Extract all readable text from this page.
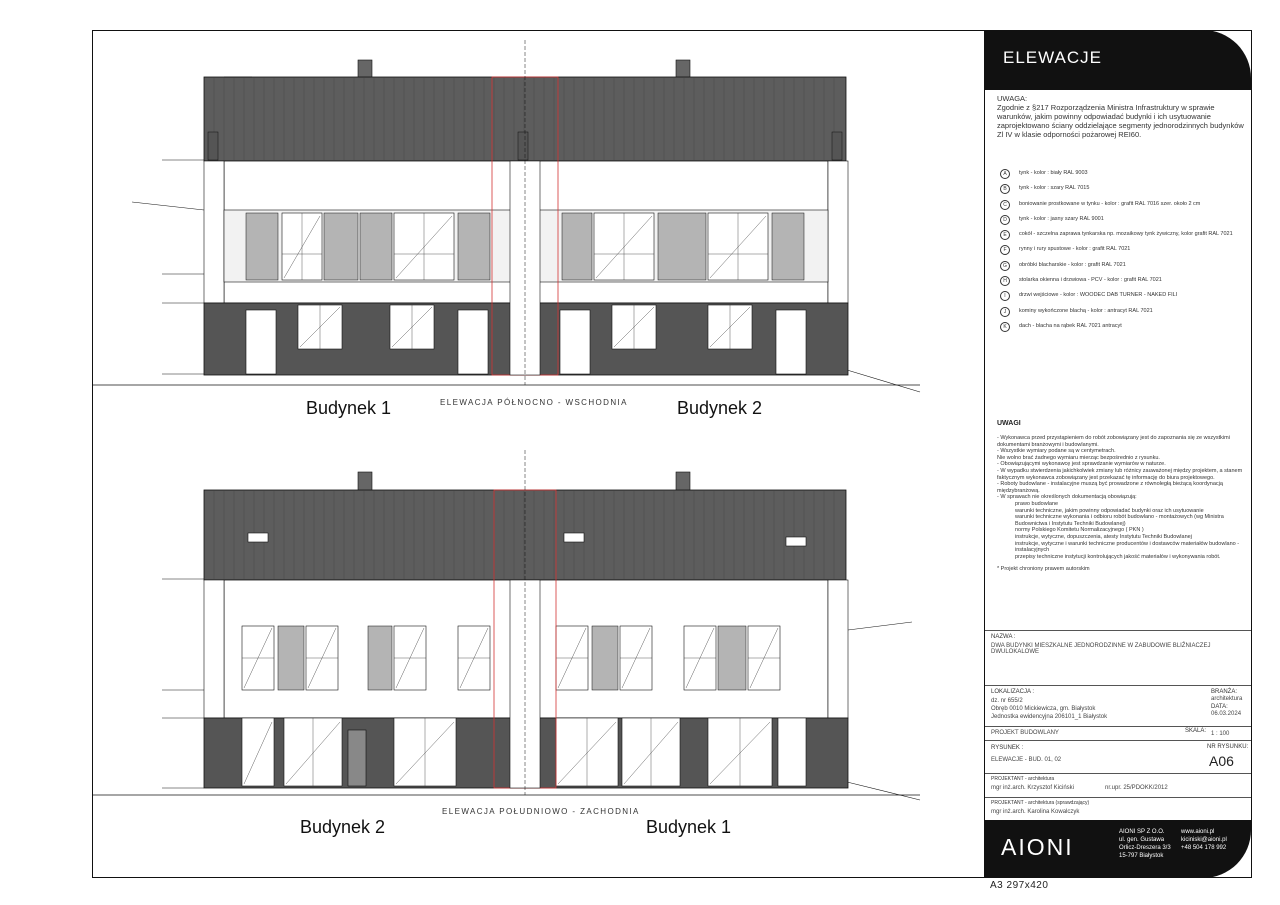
Budynek 1	Budynek 2
ELEWACJA PÓŁNOCNO - WSCHODNIA
Budynek 2	Budynek 1
ELEWACJA POŁUDNIOWO - ZACHODNIA
ELEWACJE
UWAGA:
Zgodnie z §217 Rozporządzenia Ministra Infrastruktury w sprawie warunków, jakim powinny odpowiadać budynki i ich usytuowanie zaprojektowano ściany oddzielające segmenty jednorodzinnych budynków Zl IV w klasie odporności pożarowej REI60.
A	tynk - kolor : biały RAL 9003
B	tynk - kolor : szary RAL 7015
C	boniowanie prostkowane w tynku - kolor : grafit RAL 7016 szer. około 2 cm
D	tynk - kolor : jasny szary RAL 9001
E	cokół - szczelna zaprawa tynkarska np. mozaikowy tynk żywiczny, kolor grafit RAL 7021
F	rynny i rury spustowe - kolor : grafit RAL 7021
G	obróbki blacharskie - kolor : grafit RAL 7021
H	stolarka okienna i drzwiowa - PCV - kolor : grafit RAL 7021
I	drzwi wejściowe - kolor : WOODEC DAB TURNER - NAKED FILI
J	kominy wykończone blachą - kolor : antracyt RAL 7021
K	dach - blacha na rąbek RAL 7021 antracyt
UWAGI
- Wykonawca przed przystąpieniem do robót zobowiązany jest do zapoznania się ze wszystkimi dokumentami branżowymi i budowlanymi.
- Wszystkie wymiary podane są w centymetrach.
Nie wolno brać żadnego wymiaru mierząc bezpośrednio z rysunku.
- Obowiązującymi wykonawcę jest sprawdzanie wymiarów w naturze.
- W wypadku stwierdzenia jakichkolwiek zmiany lub różnicy zauważonej między projektem, a stanem faktycznym wykonawca zobowiązany jest przekazać tę informację do biura projektowego.
- Roboty budowlane - instalacyjne muszą być prowadzone z równoległą bieżącą koordynacją międzybranżową.
- W sprawach nie określonych dokumentacją obowiązują:
prawo budowlane
warunki techniczne, jakim powinny odpowiadać budynki oraz ich usytuowanie
warunki techniczne wykonania i odbioru robót budowlano - montażowych (wg Ministra Budownictwa i Instytutu Techniki Budowlanej)
normy Polskiego Komitetu Normalizacyjnego ( PKN )
instrukcje, wytyczne, dopuszczenia, atesty Instytutu Techniki Budowlanej
instrukcje, wytyczne i warunki techniczne producentów i dostawców materiałów budowlano - instalacyjnych
przepisy techniczne instytucji kontrolujących jakość materiałów i wykonywania robót.
* Projekt chroniony prawem autorskim
NAZWA :
DWA BUDYNKI MIESZKALNE JEDNORODZINNE W ZABUDOWIE BLIŹNIACZEJ DWULOKALOWE
LOKALIZACJA :
dz. nr 655/2
Obręb 0010 Mickiewicza, gm. Białystok
Jednostka ewidencyjna 206101_1 Białystok
BRANŻA:
architektura
DATA:
06.03.2024
PROJEKT BUDOWLANY	SKALA: 1 : 100
RYSUNEK :
ELEWACJE - BUD. 01, 02
NR RYSUNKU:
A06
PROJEKTANT - architektura
mgr inż.arch. Krzysztof Kiciński	nr.upr. 25/PDOKK/2012
PROJEKTANT - architektura (sprawdzający)
mgr inż.arch. Karolina Kowalczyk
AIONI
AIONI SP Z O.O.
ul. gen. Gustawa
Orlicz-Dreszera 3/3
15-797 Białystok
www.aioni.pl
kiciniski@aioni.pl
+48 504 178 992
A3 297x420
